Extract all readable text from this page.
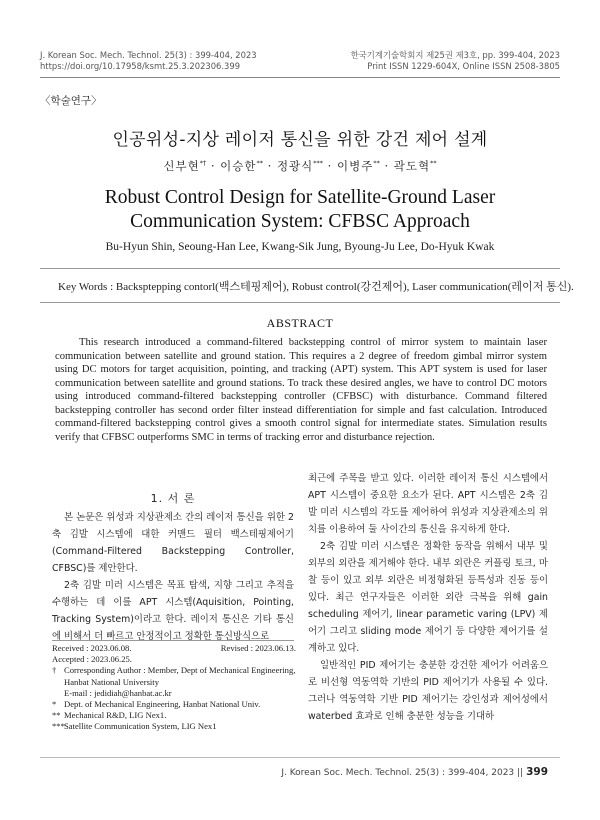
J. Korean Soc. Mech. Technol. 25(3) : 399-404, 2023
https://doi.org/10.17958/ksmt.25.3.202306.399
한국기계기술학회지 제25권 제3호, pp. 399-404, 2023
Print ISSN 1229-604X, Online ISSN 2508-3805
〈학술연구〉
인공위성-지상 레이저 통신을 위한 강건 제어 설계
신부현*† · 이승한** · 정광식*** · 이병주** · 곽도혁**
Robust Control Design for Satellite-Ground Laser
Communication System: CFBSC Approach
Bu-Hyun Shin, Seoung-Han Lee, Kwang-Sik Jung, Byoung-Ju Lee, Do-Hyuk Kwak
Key Words : Backsptepping contorl(백스테핑제어), Robust control(강건제어), Laser communication(레이저 통신).
ABSTRACT
This research introduced a command-filtered backstepping control of mirror system to maintain laser communication between satellite and ground station. This requires a 2 degree of freedom gimbal mirror system using DC motors for target acquisition, pointing, and tracking (APT) system. This APT system is used for laser communication between satellite and ground stations. To track these desired angles, we have to control DC motors using introduced command-filtered backstepping controller (CFBSC) with disturbance. Command filtered backstepping controller has second order filter instead differentiation for simple and fast calculation. Introduced command-filtered backstepping control gives a smooth control signal for intermediate states. Simulation results verify that CFBSC outperforms SMC in terms of tracking error and disturbance rejection.
1. 서 론

본 논문은 위성과 지상관제소 간의 레이저 통신을 위한 2축 김발 시스템에 대한 커맨드 필터 백스테핑제어기 (Command-Filtered Backstepping Controller, CFBSC)를 제안한다.

2축 김발 미러 시스템은 목표 탐색, 지향 그리고 추적을 수행하는 데 이를 APT 시스템(Aquisition, Pointing, Tracking System)이라고 한다. 레이저 통신은 기타 통신에 비해서 더 빠르고 안정적이고 정확한 통신방식으로

Received : 2023.06.08.	Revised : 2023.06.13.
Accepted : 2023.06.25.
† Corresponding Author : Member, Dept of Mechanical Engineering, Hanbat National University
E-mail : jedidiah@hanbat.ac.kr
* Dept. of Mechanical Engineering, Hanbat National Univ.
** Mechanical R&D, LIG Nex1.
*** Satellite Communication System, LIG Nex1

최근에 주목을 받고 있다. 이러한 레이저 통신 시스템에서 APT 시스템이 중요한 요소가 된다. APT 시스템은 2축 김발 미러 시스템의 각도를 제어하여 위성과 지상관제소의 위치를 이용하여 둘 사이간의 통신을 유지하게 한다.

2축 김발 미러 시스템은 정확한 동작을 위해서 내부 및 외부의 외란을 제거해야 한다. 내부 외란은 커플링 토크, 마찰 등이 있고 외부 외란은 비정형화된 등특성과 진동 등이 있다. 최근 연구자들은 이러한 외란 극복을 위해 gain scheduling 제어기, linear parametic varing (LPV) 제어기 그리고 sliding mode 제어기 등 다양한 제어기를 설계하고 있다.

일반적인 PID 제어기는 충분한 강건한 제어가 어려움으로 비선형 역동역학 기반의 PID 제어기가 사용될 수 있다. 그러나 역동역학 기반 PID 제어기는 강인성과 제어성에서 waterbed 효과로 인해 충분한 성능을 기대하

J. Korean Soc. Mech. Technol. 25(3) : 399-404, 2023 || 399
